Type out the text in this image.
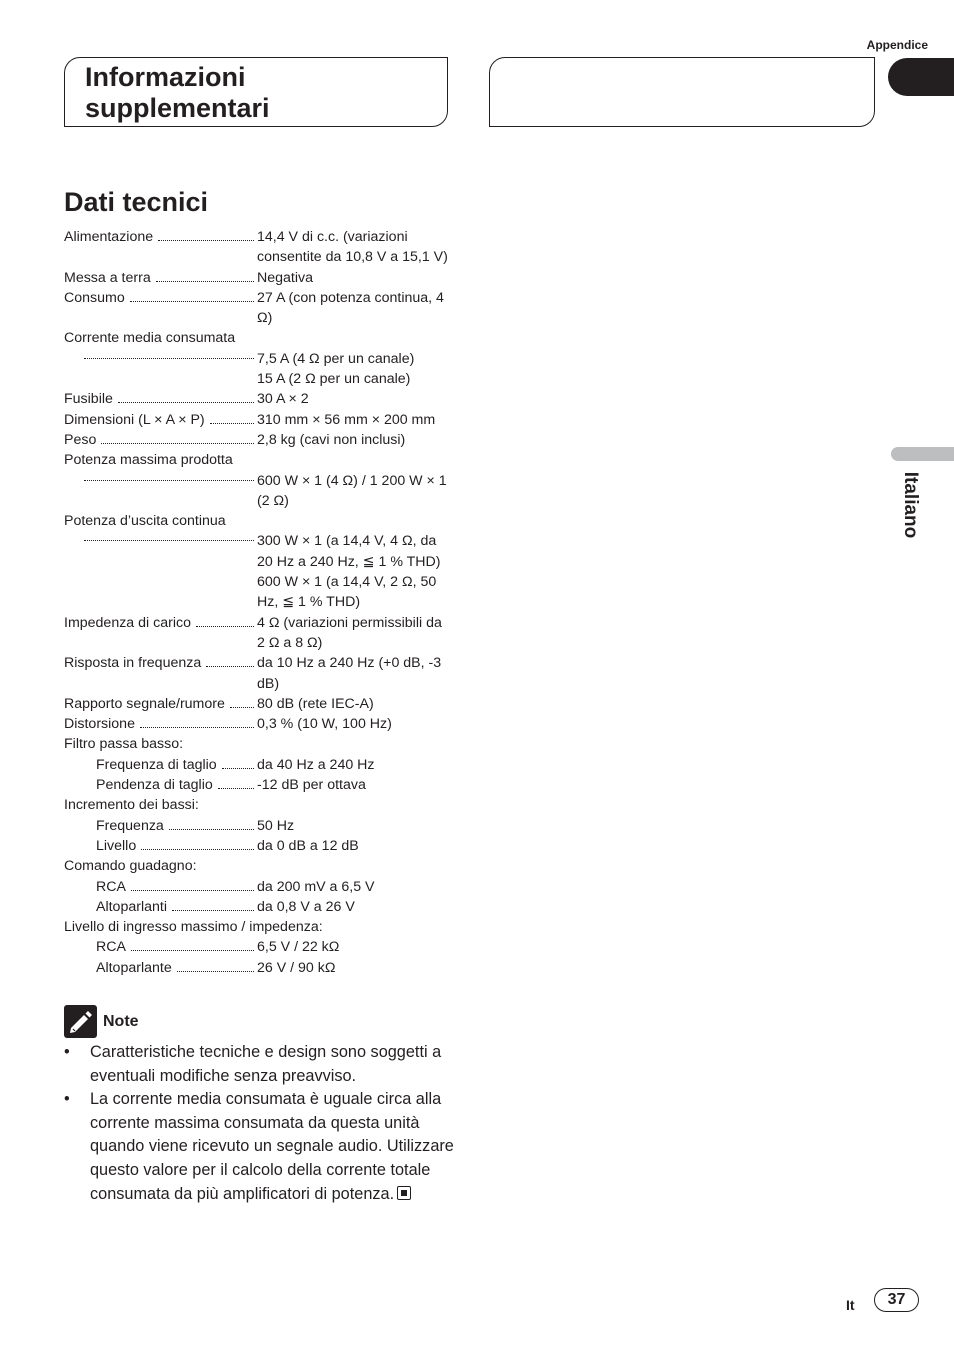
Appendice
Informazioni supplementari
Italiano
Dati tecnici
Alimentazione	14,4 V di c.c. (variazioni consentite da 10,8 V a 15,1 V)
Messa a terra	Negativa
Consumo	27 A (con potenza continua, 4 Ω)
Corrente media consumata
7,5 A (4 Ω per un canale)
15 A (2 Ω per un canale)
Fusibile	30 A × 2
Dimensioni (L × A × P)	310 mm × 56 mm × 200 mm
Peso	2,8 kg (cavi non inclusi)
Potenza massima prodotta
600 W × 1 (4 Ω) / 1 200 W × 1 (2 Ω)
Potenza d’uscita continua
300 W × 1 (a 14,4 V, 4 Ω, da 20 Hz a 240 Hz, ≦ 1 % THD)
600 W × 1 (a 14,4 V, 2 Ω, 50 Hz, ≦ 1 % THD)
Impedenza di carico	4 Ω (variazioni permissibili da 2 Ω a 8 Ω)
Risposta in frequenza	da 10 Hz a 240 Hz (+0 dB, -3 dB)
Rapporto segnale/rumore 80 dB (rete IEC-A)
Distorsione	0,3 % (10 W, 100 Hz)
Filtro passa basso:
Frequenza di taglio	da 40 Hz a 240 Hz
Pendenza di taglio	-12 dB per ottava
Incremento dei bassi:
Frequenza	50 Hz
Livello	da 0 dB a 12 dB
Comando guadagno:
RCA	da 200 mV a 6,5 V
Altoparlanti	da 0,8 V a 26 V
Livello di ingresso massimo / impedenza:
RCA	6,5 V / 22 kΩ
Altoparlante	26 V / 90 kΩ
Note
• Caratteristiche tecniche e design sono soggetti a eventuali modifiche senza preavviso.
• La corrente media consumata è uguale circa alla corrente massima consumata da questa unità quando viene ricevuto un segnale audio. Utilizzare questo valore per il calcolo della corrente totale consumata da più amplificatori di potenza.
It	37
